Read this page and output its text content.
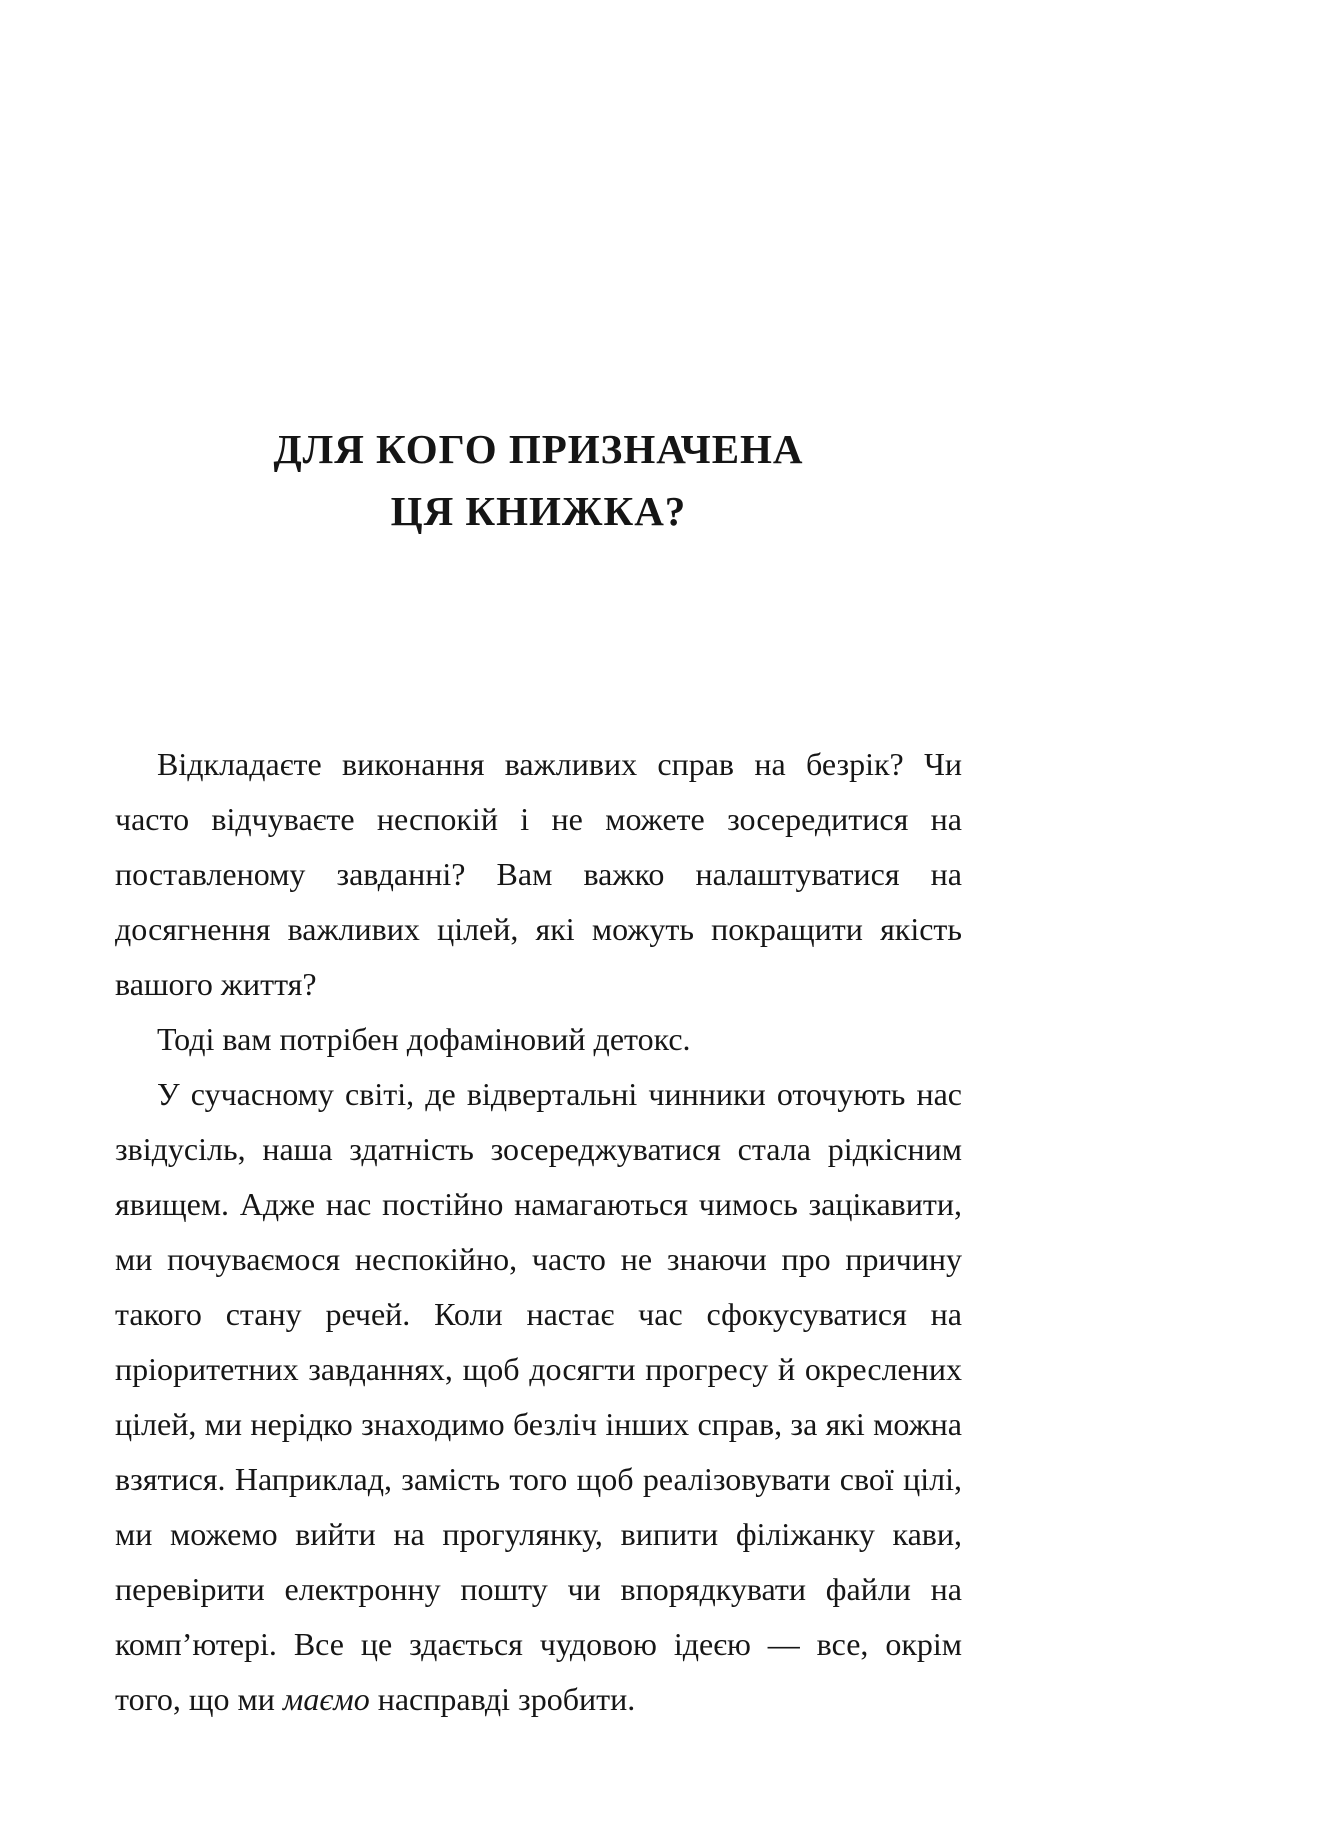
ДЛЯ КОГО ПРИЗНАЧЕНА
ЦЯ КНИЖКА?

Відкладаєте виконання важливих справ на безрік? Чи часто відчуваєте неспокій і не можете зосередитися на поставленому завданні? Вам важко налаштуватися на досягнення важливих цілей, які можуть покращити якість вашого життя?

Тоді вам потрібен дофаміновий детокс.

У сучасному світі, де відвертальні чинники оточують нас звідусіль, наша здатність зосереджуватися стала рідкісним явищем. Адже нас постійно намагаються чимось зацікавити, ми почуваємося неспокійно, часто не знаючи про причину такого стану речей. Коли настає час сфокусуватися на пріоритетних завданнях, щоб досягти прогресу й окреслених цілей, ми нерідко знаходимо безліч інших справ, за які можна взятися. Наприклад, замість того щоб реалізовувати свої цілі, ми можемо вийти на прогулянку, випити філіжанку кави, перевірити електронну пошту чи впорядкувати файли на комп’ютері. Все це здається чудовою ідеєю — все, окрім того, що ми маємо насправді зробити.
